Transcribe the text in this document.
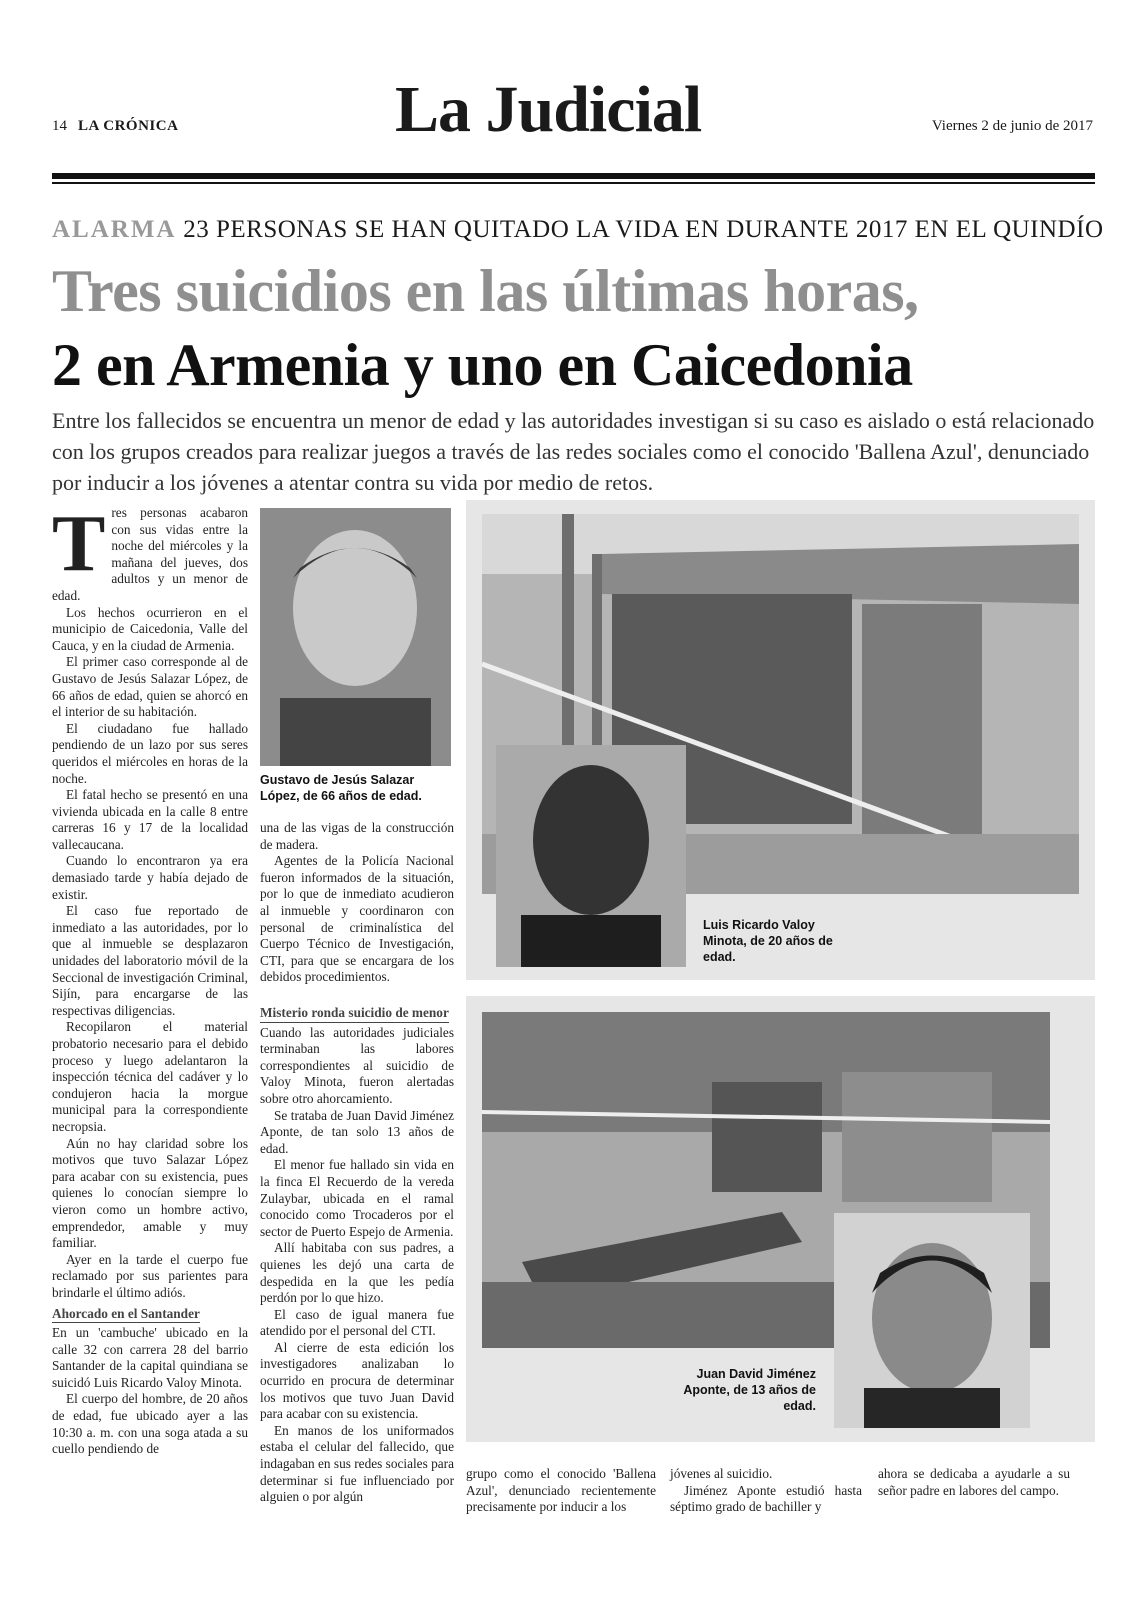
14 LA CRÓNICA	La Judicial	Viernes 2 de junio de 2017
ALARMA 23 PERSONAS SE HAN QUITADO LA VIDA EN DURANTE 2017 EN EL QUINDÍO
Tres suicidios en las últimas horas,
2 en Armenia y uno en Caicedonia
Entre los fallecidos se encuentra un menor de edad y las autoridades investigan si su caso es aislado o está relacionado con los grupos creados para realizar juegos a través de las redes sociales como el conocido 'Ballena Azul', denunciado por inducir a los jóvenes a atentar contra su vida por medio de retos.

Tres personas acabaron con sus vidas entre la noche del miércoles y la mañana del jueves, dos adultos y un menor de edad.

Los hechos ocurrieron en el municipio de Caicedonia, Valle del Cauca, y en la ciudad de Armenia.

El primer caso corresponde al de Gustavo de Jesús Salazar López, de 66 años de edad, quien se ahorcó en el interior de su habitación.

El ciudadano fue hallado pendiendo de un lazo por sus seres queridos el miércoles en horas de la noche.

El fatal hecho se presentó en una vivienda ubicada en la calle 8 entre carreras 16 y 17 de la localidad vallecaucana.

Cuando lo encontraron ya era demasiado tarde y había dejado de existir.

El caso fue reportado de inmediato a las autoridades, por lo que al inmueble se desplazaron unidades del laboratorio móvil de la Seccional de investigación Criminal, Sijín, para encargarse de las respectivas diligencias.

Recopilaron el material probatorio necesario para el debido proceso y luego adelantaron la inspección técnica del cadáver y lo condujeron hacia la morgue municipal para la correspondiente necropsia.

Aún no hay claridad sobre los motivos que tuvo Salazar López para acabar con su existencia, pues quienes lo conocían siempre lo vieron como un hombre activo, emprendedor, amable y muy familiar.

Ayer en la tarde el cuerpo fue reclamado por sus parientes para brindarle el último adiós.

Ahorcado en el Santander

En un 'cambuche' ubicado en la calle 32 con carrera 28 del barrio Santander de la capital quindiana se suicidó Luis Ricardo Valoy Minota.

El cuerpo del hombre, de 20 años de edad, fue ubicado ayer a las 10:30 a. m. con una soga atada a su cuello pendiendo de

Gustavo de Jesús Salazar López, de 66 años de edad.

una de las vigas de la construcción de madera.

Agentes de la Policía Nacional fueron informados de la situación, por lo que de inmediato acudieron al inmueble y coordinaron con personal de criminalística del Cuerpo Técnico de Investigación, CTI, para que se encargara de los debidos procedimientos.

Misterio ronda suicidio de menor

Cuando las autoridades judiciales terminaban las labores correspondientes al suicidio de Valoy Minota, fueron alertadas sobre otro ahorcamiento.

Se trataba de Juan David Jiménez Aponte, de tan solo 13 años de edad.

El menor fue hallado sin vida en la finca El Recuerdo de la vereda Zulaybar, ubicada en el ramal conocido como Trocaderos por el sector de Puerto Espejo de Armenia.

Allí habitaba con sus padres, a quienes les dejó una carta de despedida en la que les pedía perdón por lo que hizo.

El caso de igual manera fue atendido por el personal del CTI.

Al cierre de esta edición los investigadores analizaban lo ocurrido en procura de determinar los motivos que tuvo Juan David para acabar con su existencia.

En manos de los uniformados estaba el celular del fallecido, que indagaban en sus redes sociales para determinar si fue influenciado por alguien o por algún

Luis Ricardo Valoy Minota, de 20 años de edad.
Juan David Jiménez Aponte, de 13 años de edad.

grupo como el conocido 'Ballena Azul', denunciado recientemente precisamente por inducir a los

jóvenes al suicidio.

Jiménez Aponte estudió hasta séptimo grado de bachiller y

ahora se dedicaba a ayudarle a su señor padre en labores del campo.
